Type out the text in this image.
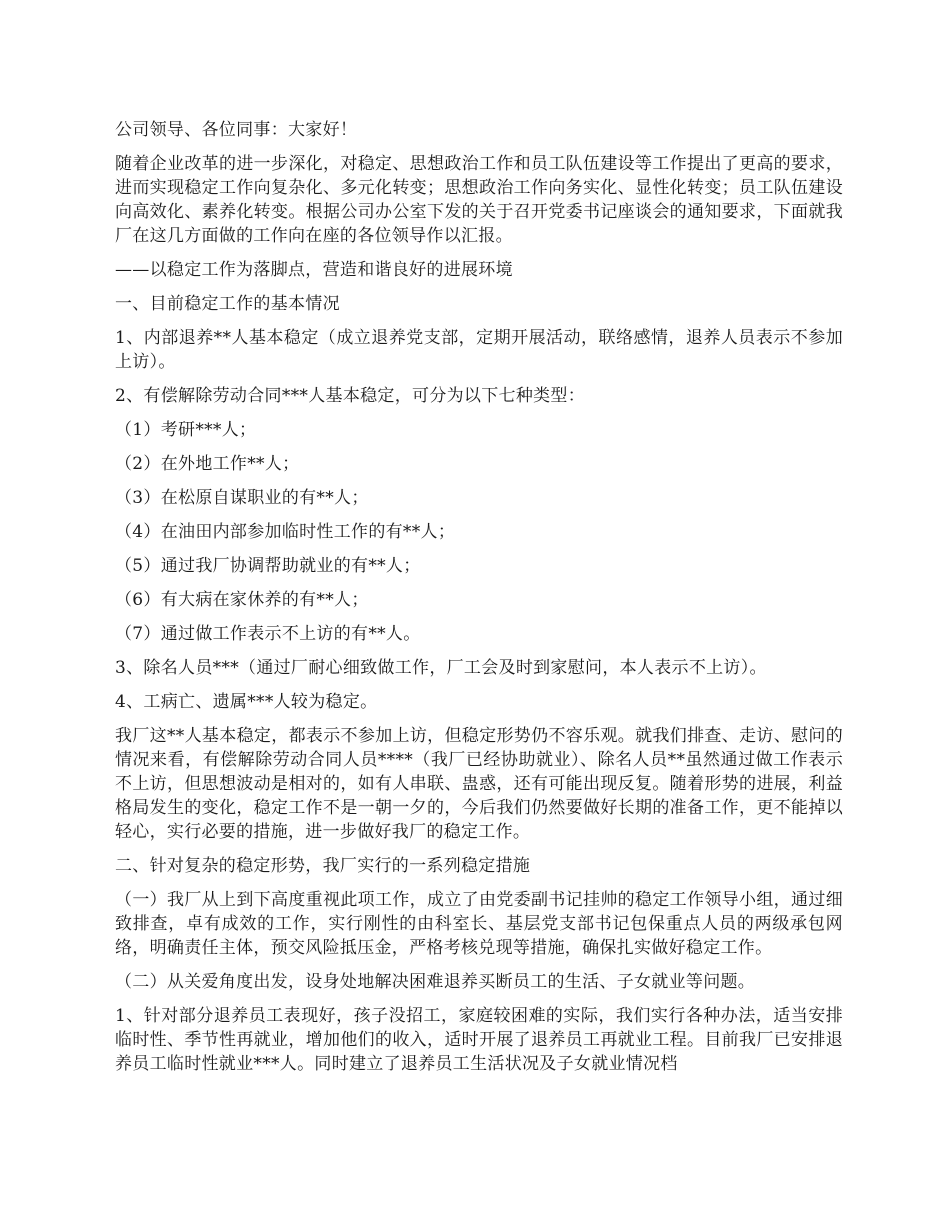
公司领导、各位同事：大家好！

随着企业改革的进一步深化，对稳定、思想政治工作和员工队伍建设等工作提出了更高的要求，进而实现稳定工作向复杂化、多元化转变；思想政治工作向务实化、显性化转变；员工队伍建设向高效化、素养化转变。根据公司办公室下发的关于召开党委书记座谈会的通知要求，下面就我厂在这几方面做的工作向在座的各位领导作以汇报。

——以稳定工作为落脚点，营造和谐良好的进展环境

一、目前稳定工作的基本情况

1、内部退养**人基本稳定（成立退养党支部，定期开展活动，联络感情，退养人员表示不参加上访）。

2、有偿解除劳动合同***人基本稳定，可分为以下七种类型：

（1）考研***人；

（2）在外地工作**人；

（3）在松原自谋职业的有**人；

（4）在油田内部参加临时性工作的有**人；

（5）通过我厂协调帮助就业的有**人；

（6）有大病在家休养的有**人；

（7）通过做工作表示不上访的有**人。

3、除名人员***（通过厂耐心细致做工作，厂工会及时到家慰问，本人表示不上访）。

4、工病亡、遗属***人较为稳定。

我厂这**人基本稳定，都表示不参加上访，但稳定形势仍不容乐观。就我们排查、走访、慰问的情况来看，有偿解除劳动合同人员****（我厂已经协助就业）、除名人员**虽然通过做工作表示不上访，但思想波动是相对的，如有人串联、蛊惑，还有可能出现反复。随着形势的进展，利益格局发生的变化，稳定工作不是一朝一夕的，今后我们仍然要做好长期的准备工作，更不能掉以轻心，实行必要的措施，进一步做好我厂的稳定工作。

二、针对复杂的稳定形势，我厂实行的一系列稳定措施

（一）我厂从上到下高度重视此项工作，成立了由党委副书记挂帅的稳定工作领导小组，通过细致排查，卓有成效的工作，实行刚性的由科室长、基层党支部书记包保重点人员的两级承包网络，明确责任主体，预交风险抵压金，严格考核兑现等措施，确保扎实做好稳定工作。

（二）从关爱角度出发，设身处地解决困难退养买断员工的生活、子女就业等问题。

1、针对部分退养员工表现好，孩子没招工，家庭较困难的实际，我们实行各种办法，适当安排临时性、季节性再就业，增加他们的收入，适时开展了退养员工再就业工程。目前我厂已安排退养员工临时性就业***人。同时建立了退养员工生活状况及子女就业情况档
